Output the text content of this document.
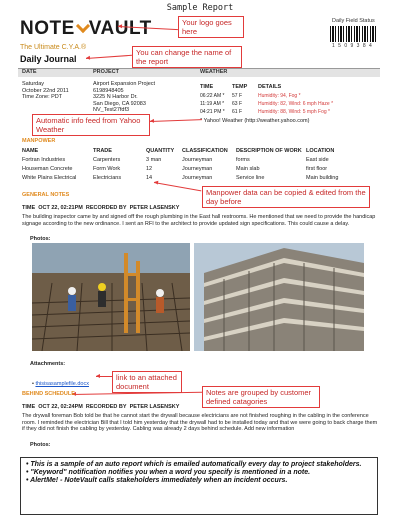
Sample Report
NOTE VAULT
The Ultimate C.Y.A.®
Daily Journal
Daily Field Status
1 5 0 9 3 8 4
Your logo goes here
You can change the name of the report
DATE	PROJECT	WEATHER
Saturday
October 22nd 2011
Time Zone: PDT
Airport Expansion Project
6198948405
3225 N Harbor Dr.
San Diego, CA 92083
NV_Test27fdf3
TIME	TEMP DETAILS
06:22 AM * 57 F	Humidity: 94, Fog *
11:19 AM * 63 F	Humidity: 82, Wind: 6 mph Haze *
04:21 PM * 61 F	Humidity: 88, Wind: 5 mph Fog *
* Yahoo! Weather (http://weather.yahoo.com)
Automatic info feed from Yahoo Weather
MANPOWER
NAME	TRADE	QUANTITY CLASSIFICATION DESCRIPTION OF WORK LOCATION
Fortran Industries	Carpenters	3 man	Journeyman	forms	East side
Houseman Concrete	Form Work	12	Journeyman	Main slab	first floor
White Plains Electrical	Electricians	14	Journeyman	Service line	Main building
Manpower data can be copied & edited from the day before
GENERAL NOTES
TIME OCT 22, 02:21PM RECORDED BY PETER LASENSKY
The building inspector came by and signed off the rough plumbing in the East hall restrooms. He mentioned that we need to provide the handicap signage according to the new ordinance. I sent an RFI to the architect to provide updated sign specifications. This could cause a delay.
Photos:
Attachments:
• thisisasamplefile.docx
link to an attached document
Notes are grouped by customer defined catagories
BEHIND SCHEDULE
TIME OCT 22, 02:24PM RECORDED BY PETER LASENSKY
The drywall foreman Bob told be that he cannot start the drywall because electricians are not finished roughing in the cabling in the conference room. I reminded the electrician Bill that I told him yesterday that the drywall had to be installed today and that we were going to back charge them if they did not finish the cabling by yesterday. Cabling was already 2 days behind schedule. Add new information
Photos:
• This is a sample of an auto report which is emailed automatically every day to project stakeholders.
• "Keyword" notification notifies you when a word you specify is mentioned in a note.
• AlertMe! - NoteVault calls stakeholders immediately when an incident occurs.
